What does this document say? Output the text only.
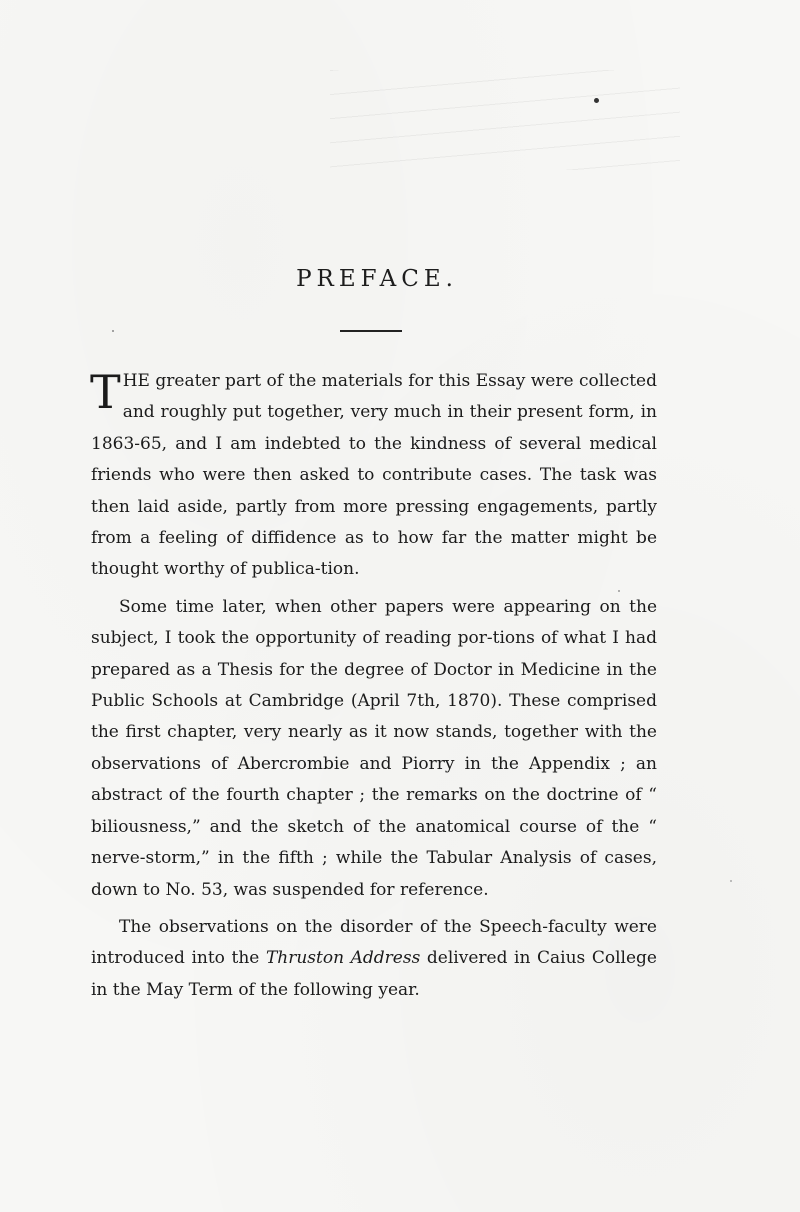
PREFACE.

THE greater part of the materials for this Essay were collected and roughly put together, very much in their present form, in 1863-65, and I am indebted to the kindness of several medical friends who were then asked to contribute cases. The task was then laid aside, partly from more pressing engagements, partly from a feeling of diffidence as to how far the matter might be thought worthy of publica-tion.

Some time later, when other papers were appearing on the subject, I took the opportunity of reading por-tions of what I had prepared as a Thesis for the degree of Doctor in Medicine in the Public Schools at Cambridge (April 7th, 1870). These comprised the first chapter, very nearly as it now stands, together with the observations of Abercrombie and Piorry in the Appendix ; an abstract of the fourth chapter ; the remarks on the doctrine of “ biliousness,” and the sketch of the anatomical course of the “ nerve-storm,” in the fifth ; while the Tabular Analysis of cases, down to No. 53, was suspended for reference.

The observations on the disorder of the Speech-faculty were introduced into the Thruston Address delivered in Caius College in the May Term of the following year.
